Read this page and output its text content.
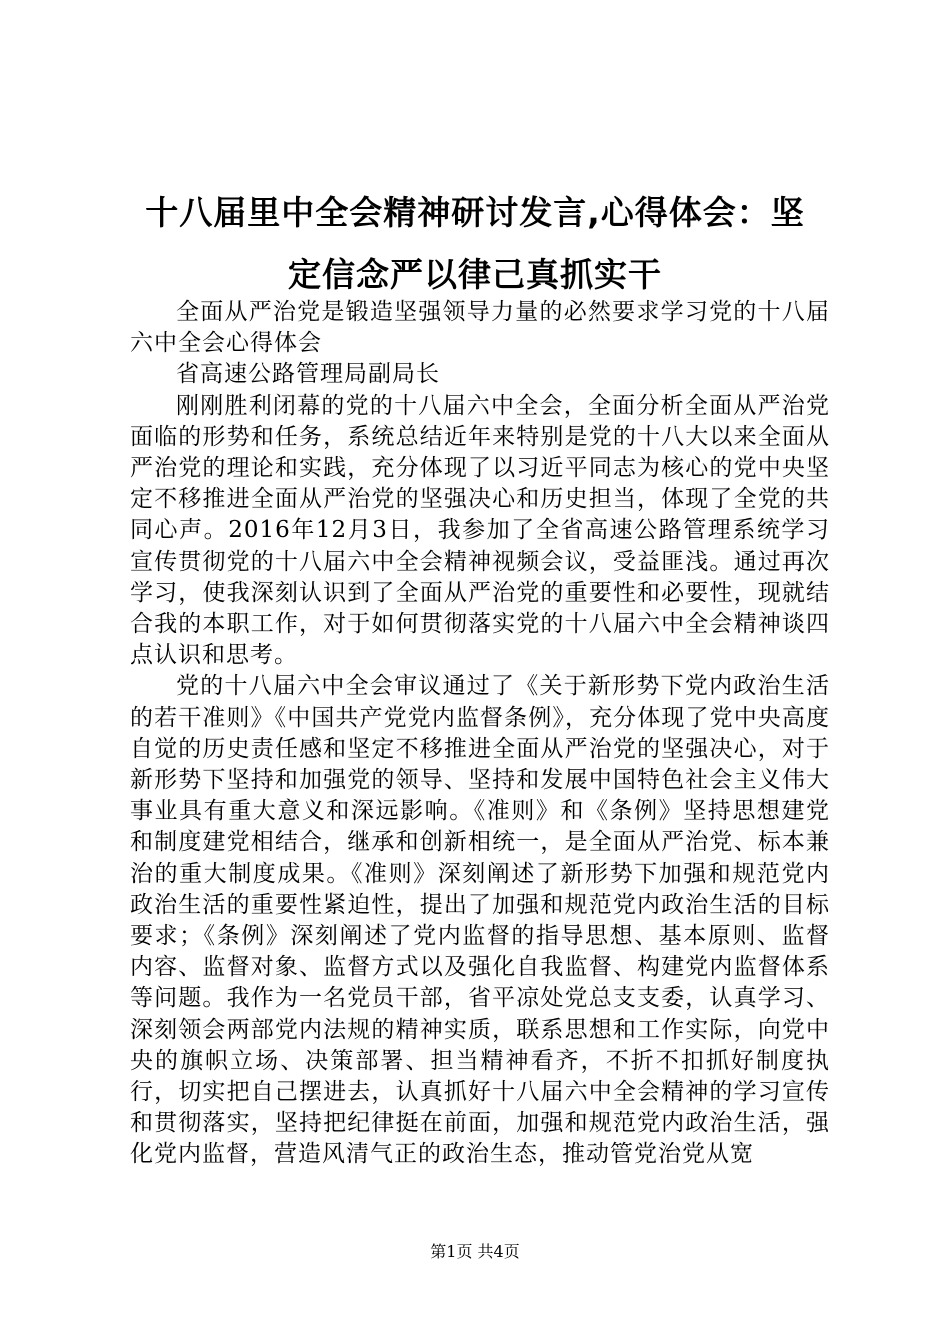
十八届里中全会精神研讨发言,心得体会：坚
定信念严以律己真抓实干

全面从严治党是锻造坚强领导力量的必然要求学习党的十八届六中全会心得体会

省高速公路管理局副局长

刚刚胜利闭幕的党的十八届六中全会，全面分析全面从严治党面临的形势和任务，系统总结近年来特别是党的十八大以来全面从严治党的理论和实践，充分体现了以习近平同志为核心的党中央坚定不移推进全面从严治党的坚强决心和历史担当，体现了全党的共同心声。2016年12月3日，我参加了全省高速公路管理系统学习宣传贯彻党的十八届六中全会精神视频会议，受益匪浅。通过再次学习，使我深刻认识到了全面从严治党的重要性和必要性，现就结合我的本职工作，对于如何贯彻落实党的十八届六中全会精神谈四点认识和思考。

党的十八届六中全会审议通过了《关于新形势下党内政治生活的若干准则》《中国共产党党内监督条例》，充分体现了党中央高度自觉的历史责任感和坚定不移推进全面从严治党的坚强决心，对于新形势下坚持和加强党的领导、坚持和发展中国特色社会主义伟大事业具有重大意义和深远影响。《准则》和《条例》坚持思想建党和制度建党相结合，继承和创新相统一，是全面从严治党、标本兼治的重大制度成果。《准则》深刻阐述了新形势下加强和规范党内政治生活的重要性紧迫性，提出了加强和规范党内政治生活的目标要求；《条例》深刻阐述了党内监督的指导思想、基本原则、监督内容、监督对象、监督方式以及强化自我监督、构建党内监督体系等问题。我作为一名党员干部，省平凉处党总支支委，认真学习、深刻领会两部党内法规的精神实质，联系思想和工作实际，向党中央的旗帜立场、决策部署、担当精神看齐，不折不扣抓好制度执行，切实把自己摆进去，认真抓好十八届六中全会精神的学习宣传和贯彻落实，坚持把纪律挺在前面，加强和规范党内政治生活，强化党内监督，营造风清气正的政治生态，推动管党治党从宽

第1页 共4页
